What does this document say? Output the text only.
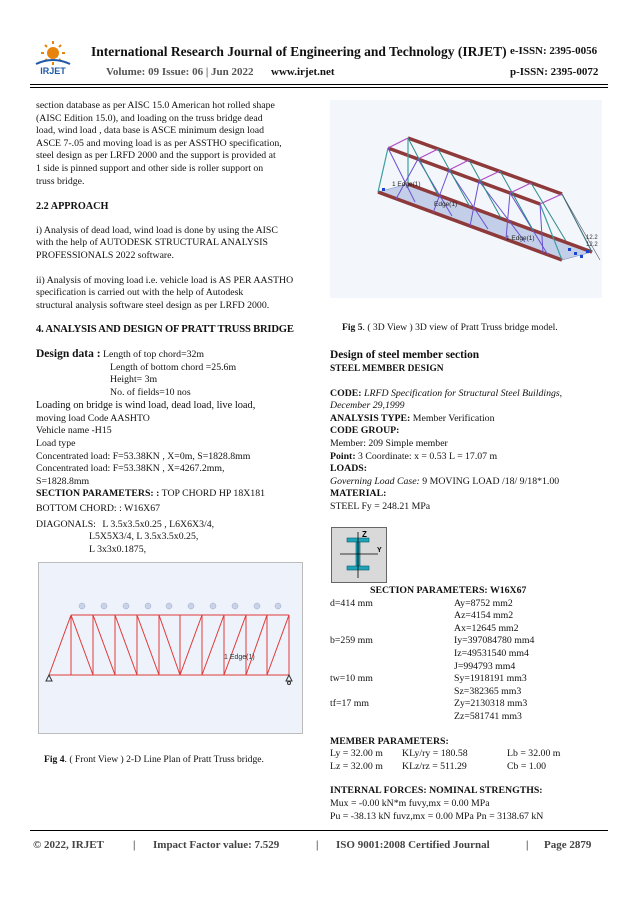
IRJET
International Research Journal of Engineering and Technology (IRJET) e-ISSN: 2395-0056
Volume: 09 Issue: 06 | Jun 2022 www.irjet.net	p-ISSN: 2395-0072
section database as per AISC 15.0 American hot rolled shape
(AISC Edition 15.0), and loading on the truss bridge dead
load, wind load , data base is ASCE minimum design load
ASCE 7-.05 and moving load is as per ASSTHO specification,
steel design as per LRFD 2000 and the support is provided at
1 side is pinned support and other side is roller support on
truss bridge.
2.2 APPROACH
i) Analysis of dead load, wind load is done by using the AISC
with the help of AUTODESK STRUCTURAL ANALYSIS
PROFESSIONALS 2022 software.
ii) Analysis of moving load i.e. vehicle load is AS PER AASTHO
specification is carried out with the help of Autodesk
structural analysis software steel design as per LRFD 2000.
4. ANALYSIS AND DESIGN OF PRATT TRUSS BRIDGE
Design data : Length of top chord=32m
Length of bottom chord =25.6m
Height= 3m
No. of fields=10 nos
Loading on bridge is wind load, dead load, live load,
moving load Code AASHTO
Vehicle name -H15
Load type
Concentrated load: F=53.38KN , X=0m, S=1828.8mm
Concentrated load: F=53.38KN , X=4267.2mm,
S=1828.8mm
SECTION PARAMETERS: : TOP CHORD HP 18X181
BOTTOM CHORD: : W16X67
DIAGONALS: L 3.5x3.5x0.25 , L6X6X3/4,
L5X5X3/4, L 3.5x3.5x0.25,
L 3x3x0.1875,
1 Edge(1)
Fig 4. ( Front View ) 2-D Line Plan of Pratt Truss bridge.
12.2
12.2
1 Edge(1)
Edge(1)
1 Edge(1)
Fig 5. ( 3D View ) 3D view of Pratt Truss bridge model.
Design of steel member section
STEEL MEMBER DESIGN
CODE: LRFD Specification for Structural Steel Buildings,
December 29,1999
ANALYSIS TYPE: Member Verification
CODE GROUP:
Member: 209 Simple member
Point: 3 Coordinate: x = 0.53 L = 17.07 m
LOADS:
Governing Load Case: 9 MOVING LOAD /18/ 9/18*1.00
MATERIAL:
STEEL Fy = 248.21 MPa
Z
Y
SECTION PARAMETERS: W16X67
d=414 mm	Ay=8752 mm2
Az=4154 mm2
Ax=12645 mm2
b=259 mm	Iy=397084780 mm4
Iz=49531540 mm4
J=994793 mm4
tw=10 mm	Sy=1918191 mm3
Sz=382365 mm3
tf=17 mm	Zy=2130318 mm3
Zz=581741 mm3
MEMBER PARAMETERS:
Ly = 32.00 m	KLy/ry = 180.58	Lb = 32.00 m
Lz = 32.00 m	KLz/rz = 511.29	Cb = 1.00
INTERNAL FORCES: NOMINAL STRENGTHS:
Mux = -0.00 kN*m fuvy,mx = 0.00 MPa
Pu = -38.13 kN fuvz,mx = 0.00 MPa Pn = 3138.67 kN
© 2022, IRJET	| Impact Factor value: 7.529	| ISO 9001:2008 Certified Journal	| Page 2879
